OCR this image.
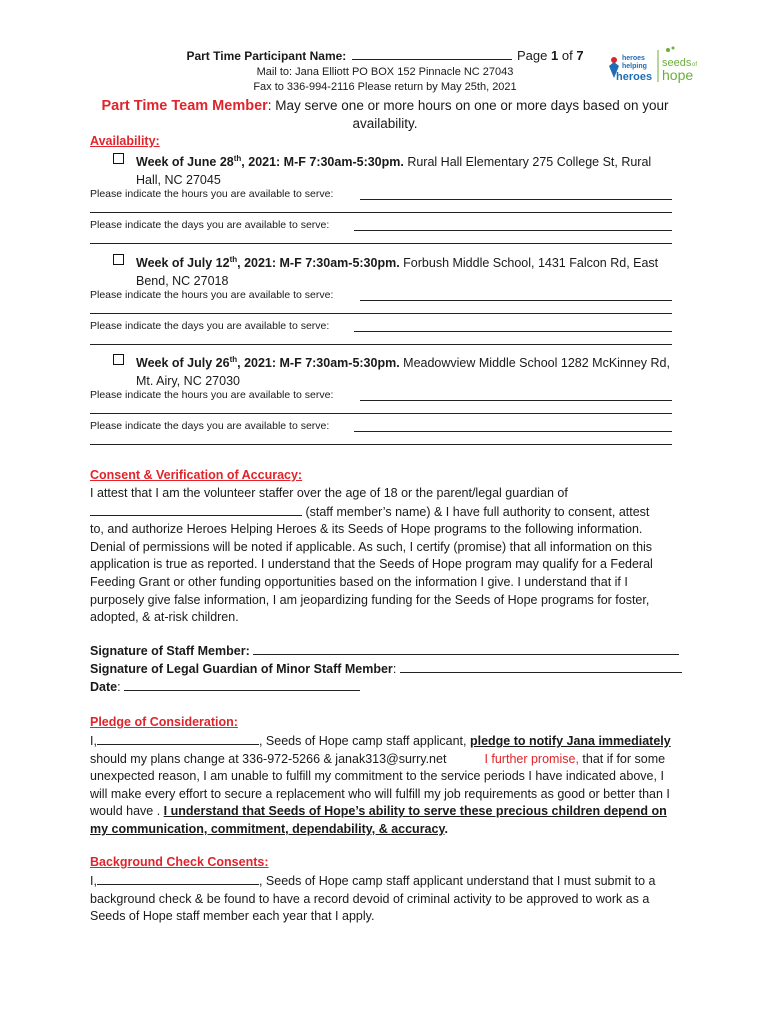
Part Time Participant Name:	Page 1 of 7
Mail to: Jana Elliott PO BOX 152 Pinnacle NC 27043
Fax to 336-994-2116 Please return by May 25th, 2021
heroes
helping
heroes
seeds of
hope
Part Time Team Member: May serve one or more hours on one or more days based on your availability.
Availability:
Week of June 28th, 2021: M-F 7:30am-5:30pm. Rural Hall Elementary 275 College St, Rural Hall, NC 27045
Please indicate the hours you are available to serve:
Please indicate the days you are available to serve:
Week of July 12th, 2021: M-F 7:30am-5:30pm. Forbush Middle School, 1431 Falcon Rd, East Bend, NC 27018
Please indicate the hours you are available to serve:
Please indicate the days you are available to serve:
Week of July 26th, 2021: M-F 7:30am-5:30pm. Meadowview Middle School 1282 McKinney Rd, Mt. Airy, NC 27030
Please indicate the hours you are available to serve:
Please indicate the days you are available to serve:
Consent & Verification of Accuracy:
I attest that I am the volunteer staffer over the age of 18 or the parent/legal guardian of
(staff member’s name) & I have full authority to consent, attest
to, and authorize Heroes Helping Heroes & its Seeds of Hope programs to the following information. Denial of permissions will be noted if applicable. As such, I certify (promise) that all information on this application is true as reported. I understand that the Seeds of Hope program may qualify for a Federal Feeding Grant or other funding opportunities based on the information I give. I understand that if I purposely give false information, I am jeopardizing funding for the Seeds of Hope programs for foster, adopted, & at-risk children.
Signature of Staff Member:
Signature of Legal Guardian of Minor Staff Member:
Date:
Pledge of Consideration:
I,	, Seeds of Hope camp staff applicant, pledge to notify Jana immediately
should my plans change at 336-972-5266 & janak313@surry.net	I further promise, that if for some
unexpected reason, I am unable to fulfill my commitment to the service periods I have indicated above, I will make every effort to secure a replacement who will fulfill my job requirements as good or better than I would have . I understand that Seeds of Hope’s ability to serve these precious children depend on my communication, commitment, dependability, & accuracy.
Background Check Consents:
I,	, Seeds of Hope camp staff applicant understand that I must submit to a background check & be found to have a record devoid of criminal activity to be approved to work as a Seeds of Hope staff member each year that I apply.
